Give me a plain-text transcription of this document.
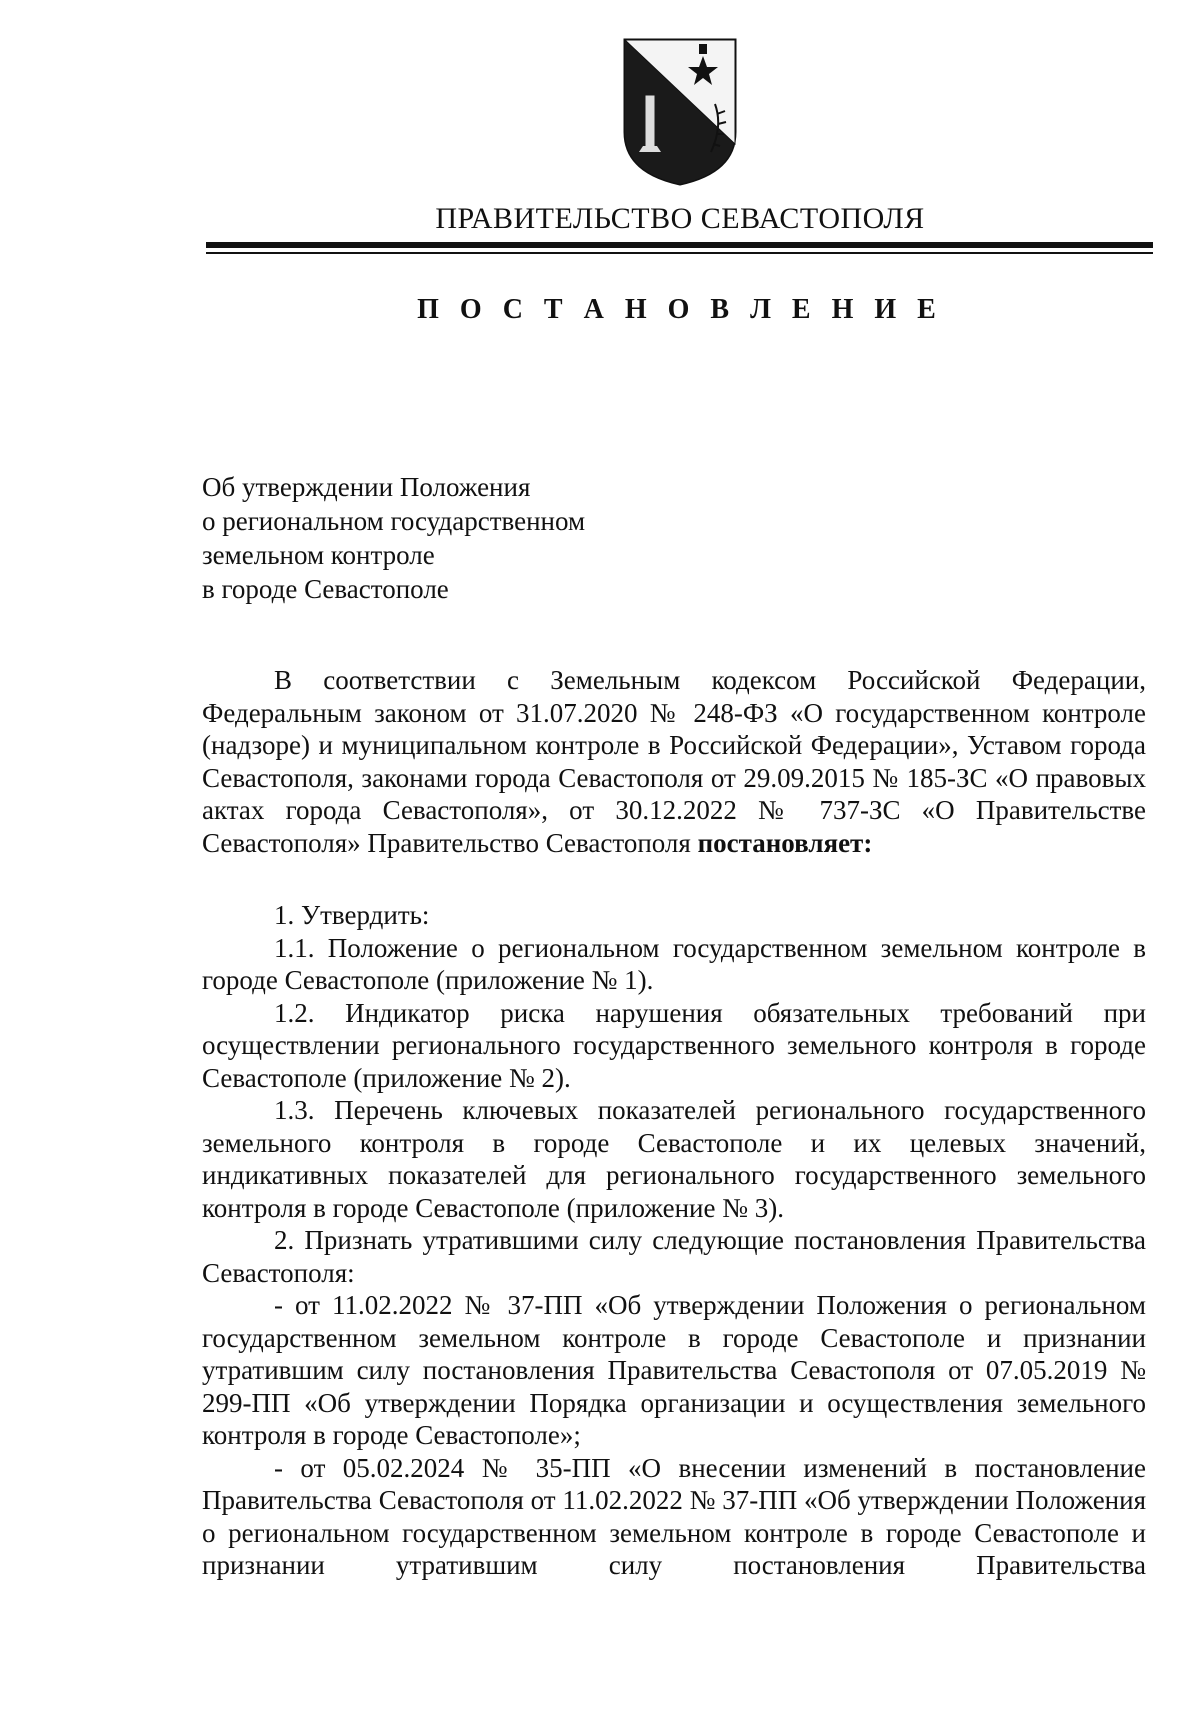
ПРАВИТЕЛЬСТВО СЕВАСТОПОЛЯ
П О С Т А Н О В Л Е Н И Е
Об утверждении Положения
о региональном государственном
земельном контроле
в городе Севастополе

В соответствии с Земельным кодексом Российской Федерации, Федеральным законом от 31.07.2020 № 248-ФЗ «О государственном контроле (надзоре) и муниципальном контроле в Российской Федерации», Уставом города Севастополя, законами города Севастополя от 29.09.2015 № 185-ЗС «О правовых актах города Севастополя», от 30.12.2022 № 737-ЗС «О Правительстве Севастополя» Правительство Севастополя постановляет:

1. Утвердить:

1.1. Положение о региональном государственном земельном контроле в городе Севастополе (приложение № 1).

1.2. Индикатор риска нарушения обязательных требований при осуществлении регионального государственного земельного контроля в городе Севастополе (приложение № 2).

1.3. Перечень ключевых показателей регионального государственного земельного контроля в городе Севастополе и их целевых значений, индикативных показателей для регионального государственного земельного контроля в городе Севастополе (приложение № 3).

2. Признать утратившими силу следующие постановления Правительства Севастополя:

- от 11.02.2022 № 37-ПП «Об утверждении Положения о региональном государственном земельном контроле в городе Севастополе и признании утратившим силу постановления Правительства Севастополя от 07.05.2019 № 299-ПП «Об утверждении Порядка организации и осуществления земельного контроля в городе Севастополе»;

- от 05.02.2024 № 35-ПП «О внесении изменений в постановление Правительства Севастополя от 11.02.2022 № 37-ПП «Об утверждении Положения о региональном государственном земельном контроле в городе Севастополе и признании утратившим силу постановления Правительства
